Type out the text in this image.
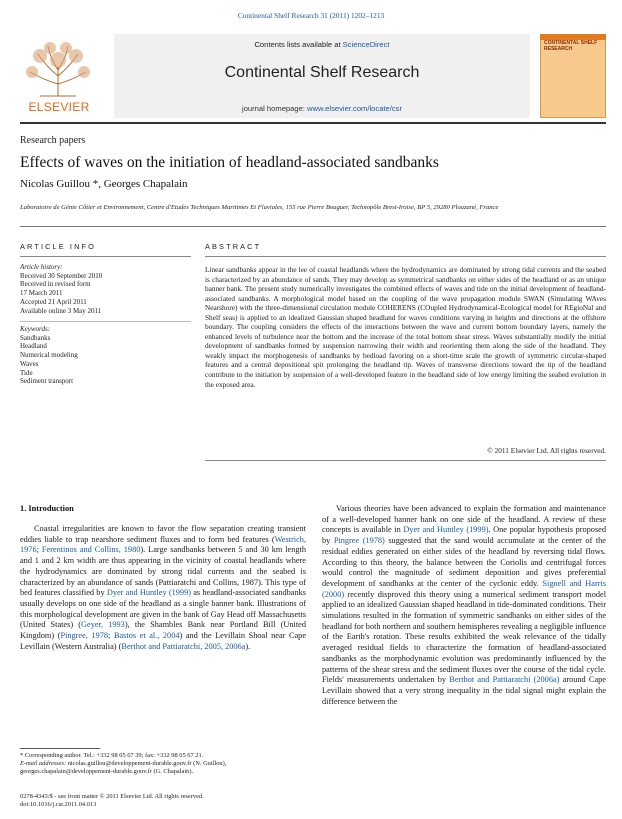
Continental Shelf Research 31 (2011) 1202–1213
ELSEVIER
Contents lists available at ScienceDirect
Continental Shelf Research
journal homepage: www.elsevier.com/locate/csr
CONTINENTAL SHELF RESEARCH
Research papers
Effects of waves on the initiation of headland-associated sandbanks
Nicolas Guillou *, Georges Chapalain
Laboratoire de Génie Côtier et Environnement, Centre d'Etudes Techniques Maritimes Et Fluviales, 155 rue Pierre Bouguer, Technopôle Brest-Iroise, BP 5, 29280 Plouzané, France
ARTICLE INFO
Article history:
Received 30 September 2010
Received in revised form
17 March 2011
Accepted 21 April 2011
Available online 3 May 2011
Keywords:
Sandbanks
Headland
Numerical modeling
Waves
Tide
Sediment transport
ABSTRACT
Linear sandbanks appear in the lee of coastal headlands where the hydrodynamics are dominated by strong tidal currents and the seabed is characterized by an abundance of sands. They may develop as symmetrical sandbanks on either sides of the headland or as an unique banner bank. The present study numerically investigates the combined effects of waves and tide on the initial development of headland-associated sandbanks. A morphological model based on the coupling of the wave propagation module SWAN (Simulating WAves Nearshore) with the three-dimensional circulation module COHERENS (COupled Hydrodynamical-Ecological model for REgioNal and Shelf seas) is applied to an idealized Gaussian shaped headland for waves conditions varying in heights and directions at the offshore boundary. The coupling considers the effects of the interactions between the wave and current bottom boundary layers, namely the enhanced levels of turbulence near the bottom and the increase of the total bottom shear stress. Waves substantially modify the initial development of sandbanks formed by suspension narrowing their width and reorienting them along the side of the headland. They weakly impact the morphogenesis of sandbanks by bedload favoring on a short-time scale the growth of symmetric circular-shaped features and a central depositional spit prolonging the headland tip. Waves of transverse directions toward the tip of the headland contribute to the initiation by suspension of a well-developed feature in the headland side of low energy limiting the seabed evolution in the exposed area.
© 2011 Elsevier Ltd. All rights reserved.
1. Introduction

Coastal irregularities are known to favor the flow separation creating transient eddies liable to trap nearshore sediment fluxes and to form bed features (Westrich, 1976; Ferentinos and Collins, 1980). Large sandbanks between 5 and 30 km length and 1 and 2 km width are thus appearing in the vicinity of coastal headlands where the hydrodynamics are dominated by strong tidal currents and the seabed is characterized by an abundance of sands (Pattiaratchi and Collins, 1987). This type of bed features classified by Dyer and Huntley (1999) as headland-associated sandbanks usually develops on one side of the headland as a single banner bank. Illustrations of this morphological development are given in the bank of Gay Head off Massachusetts (United States) (Geyer, 1993), the Shambles Bank near Portland Bill (United Kingdom) (Pingree, 1978; Bastos et al., 2004) and the Levillain Shoal near Cape Levillain (Western Australia) (Berthot and Pattiaratchi, 2005, 2006a).

Various theories have been advanced to explain the formation and maintenance of a well-developed banner bank on one side of the headland. A review of these concepts is available in Dyer and Huntley (1999). One popular hypothesis proposed by Pingree (1978) suggested that the sand would accumulate at the center of the residual eddies generated on either sides of the headland by reversing tidal flows. According to this theory, the balance between the Coriolis and centrifugal forces would control the magnitude of sediment deposition and gives preferential development of sandbanks at the center of the cyclonic eddy. Signell and Harris (2000) recently disproved this theory using a numerical sediment transport model applied to an idealized Gaussian shaped headland in tide-dominated conditions. Their simulations resulted in the formation of symmetric sandbanks on either sides of the headland for both northern and southern hemispheres revealing a negligible influence of the Earth's rotation. These results exhibited the weak relevance of the tidally averaged residual fields to characterize the formation of headland-associated sandbanks as the morphodynamic evolution was predominantly influenced by the patterns of the shear stress and the sediment fluxes over the course of the tidal cycle. Fields' measurements undertaken by Berthot and Pattiaratchi (2006a) around Cape Levillain showed that a very strong inequality in the tidal signal might explain the difference between the

* Corresponding author. Tel.: +332 98 05 67 39; fax: +332 98 05 67 21.
E-mail addresses: nicolas.guillou@developpement-durable.gouv.fr (N. Guillou), georges.chapalain@developpement-durable.gouv.fr (G. Chapalain).
0278-4343/$ - see front matter © 2011 Elsevier Ltd. All rights reserved.
doi:10.1016/j.csr.2011.04.013
